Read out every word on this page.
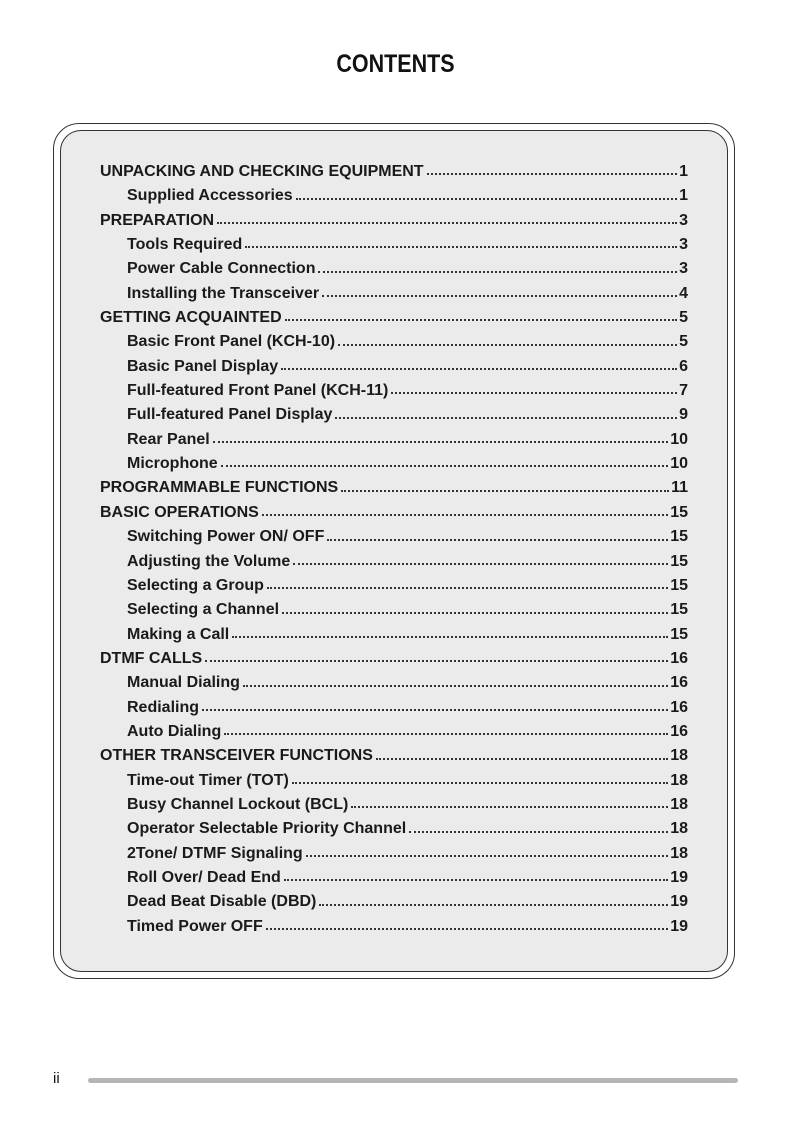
CONTENTS
UNPACKING AND CHECKING EQUIPMENT	1
Supplied Accessories	1
PREPARATION	3
Tools Required	3
Power Cable Connection	3
Installing the Transceiver	4
GETTING ACQUAINTED	5
Basic Front Panel (KCH-10)	5
Basic Panel Display	6
Full-featured Front Panel (KCH-11)	7
Full-featured Panel Display	9
Rear Panel	10
Microphone	10
PROGRAMMABLE FUNCTIONS	11
BASIC OPERATIONS	15
Switching Power ON/ OFF	15
Adjusting the Volume	15
Selecting a Group	15
Selecting a Channel	15
Making a Call	15
DTMF CALLS	16
Manual Dialing	16
Redialing	16
Auto Dialing	16
OTHER TRANSCEIVER FUNCTIONS	18
Time-out Timer (TOT)	18
Busy Channel Lockout (BCL)	18
Operator Selectable Priority Channel	18
2Tone/ DTMF Signaling	18
Roll Over/ Dead End	19
Dead Beat Disable (DBD)	19
Timed Power OFF	19
ii
